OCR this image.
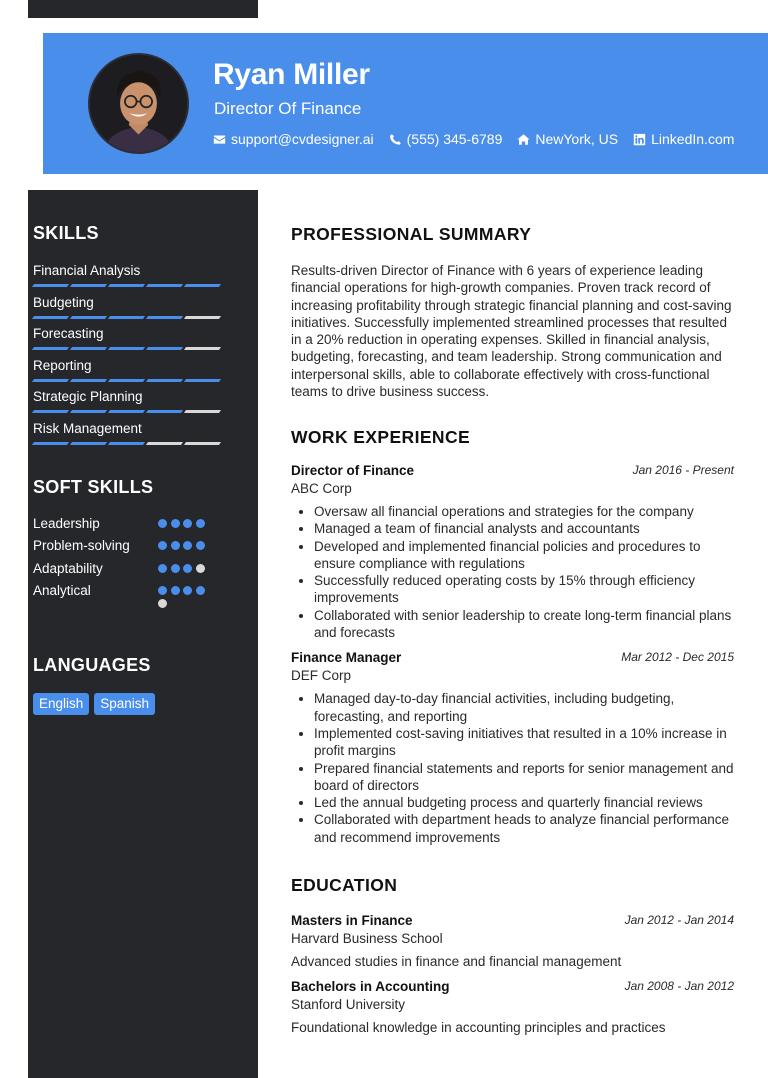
Ryan Miller
Director Of Finance
support@cvdesigner.ai (555) 345-6789 NewYork, US LinkedIn.com
SKILLS
Financial Analysis
Budgeting
Forecasting
Reporting
Strategic Planning
Risk Management
SOFT SKILLS
Leadership
Problem-solving
Adaptability
Analytical
LANGUAGES
English	Spanish
PROFESSIONAL SUMMARY
Results-driven Director of Finance with 6 years of experience leading financial operations for high-growth companies. Proven track record of increasing profitability through strategic financial planning and cost-saving initiatives. Successfully implemented streamlined processes that resulted in a 20% reduction in operating expenses. Skilled in financial analysis, budgeting, forecasting, and team leadership. Strong communication and interpersonal skills, able to collaborate effectively with cross-functional teams to drive business success.
WORK EXPERIENCE
Director of Finance	Jan 2016 - Present
ABC Corp
• Oversaw all financial operations and strategies for the company
• Managed a team of financial analysts and accountants
• Developed and implemented financial policies and procedures to ensure compliance with regulations
• Successfully reduced operating costs by 15% through efficiency improvements
• Collaborated with senior leadership to create long-term financial plans and forecasts
Finance Manager	Mar 2012 - Dec 2015
DEF Corp
• Managed day-to-day financial activities, including budgeting, forecasting, and reporting
• Implemented cost-saving initiatives that resulted in a 10% increase in profit margins
• Prepared financial statements and reports for senior management and board of directors
• Led the annual budgeting process and quarterly financial reviews
• Collaborated with department heads to analyze financial performance and recommend improvements
EDUCATION
Masters in Finance	Jan 2012 - Jan 2014
Harvard Business School
Advanced studies in finance and financial management
Bachelors in Accounting	Jan 2008 - Jan 2012
Stanford University
Foundational knowledge in accounting principles and practices
